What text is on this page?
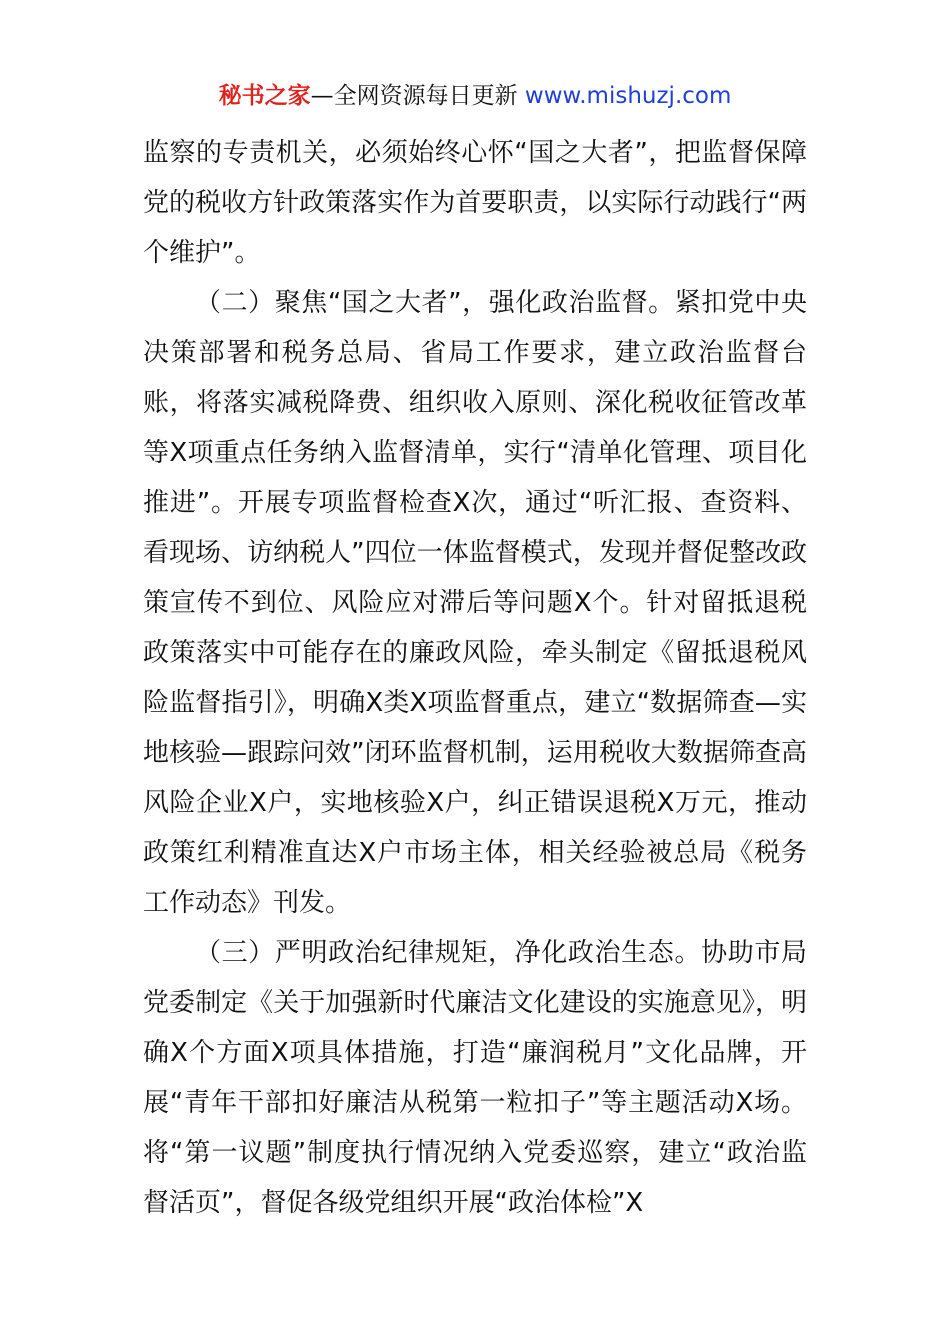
秘书之家—全网资源每日更新 www.mishuzj.com

监察的专责机关，必须始终心怀“国之大者”，把监督保障党的税收方针政策落实作为首要职责，以实际行动践行“两个维护”。

（二）聚焦“国之大者”，强化政治监督。紧扣党中央决策部署和税务总局、省局工作要求，建立政治监督台账，将落实减税降费、组织收入原则、深化税收征管改革等X项重点任务纳入监督清单，实行“清单化管理、项目化推进”。开展专项监督检查X次，通过“听汇报、查资料、看现场、访纳税人”四位一体监督模式，发现并督促整改政策宣传不到位、风险应对滞后等问题X个。针对留抵退税政策落实中可能存在的廉政风险，牵头制定《留抵退税风险监督指引》，明确X类X项监督重点，建立“数据筛查—实地核验—跟踪问效”闭环监督机制，运用税收大数据筛查高风险企业X户，实地核验X户，纠正错误退税X万元，推动政策红利精准直达X户市场主体，相关经验被总局《税务工作动态》刊发。

（三）严明政治纪律规矩，净化政治生态。协助市局党委制定《关于加强新时代廉洁文化建设的实施意见》，明确X个方面X项具体措施，打造“廉润税月”文化品牌，开展“青年干部扣好廉洁从税第一粒扣子”等主题活动X场。将“第一议题”制度执行情况纳入党委巡察，建立“政治监督活页”，督促各级党组织开展“政治体检”X
